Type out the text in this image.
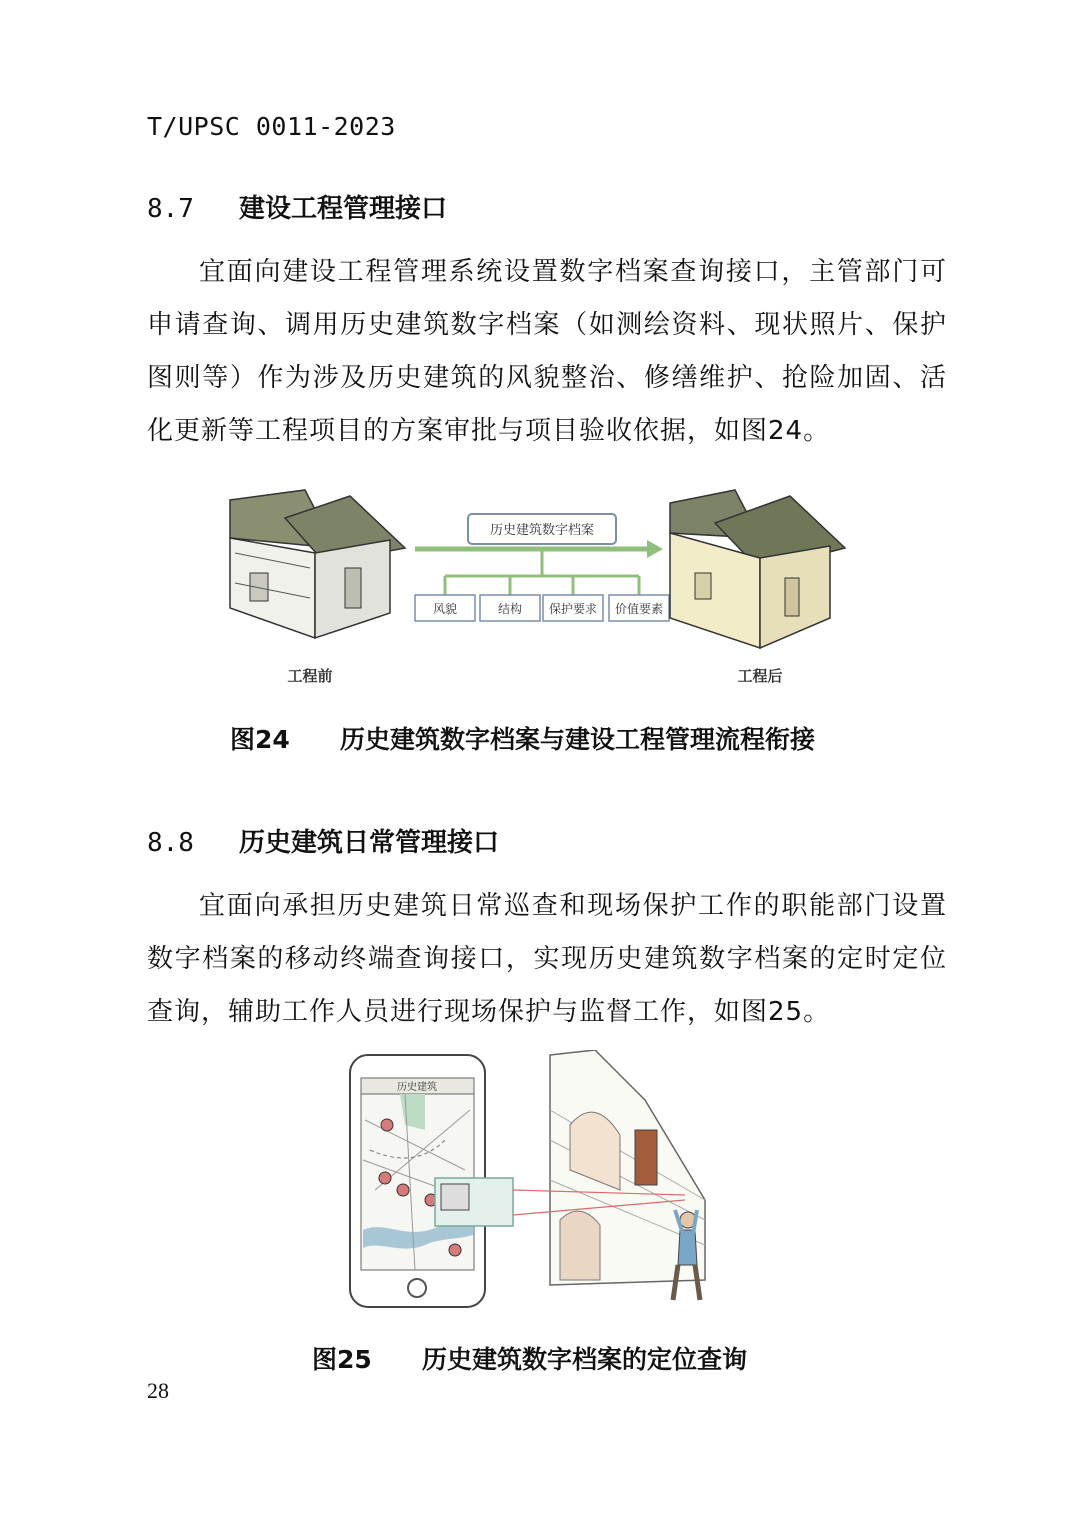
T/UPSC 0011-2023
8.7 建设工程管理接口
宜面向建设工程管理系统设置数字档案查询接口，主管部门可申请查询、调用历史建筑数字档案（如测绘资料、现状照片、保护图则等）作为涉及历史建筑的风貌整治、修缮维护、抢险加固、活化更新等工程项目的方案审批与项目验收依据，如图24。
历史建筑数字档案
风貌	结构 保护要求 价值要素
工程前	工程后
图24 历史建筑数字档案与建设工程管理流程衔接
8.8 历史建筑日常管理接口
宜面向承担历史建筑日常巡查和现场保护工作的职能部门设置数字档案的移动终端查询接口，实现历史建筑数字档案的定时定位查询，辅助工作人员进行现场保护与监督工作，如图25。
历史建筑
图25 历史建筑数字档案的定位查询
28
